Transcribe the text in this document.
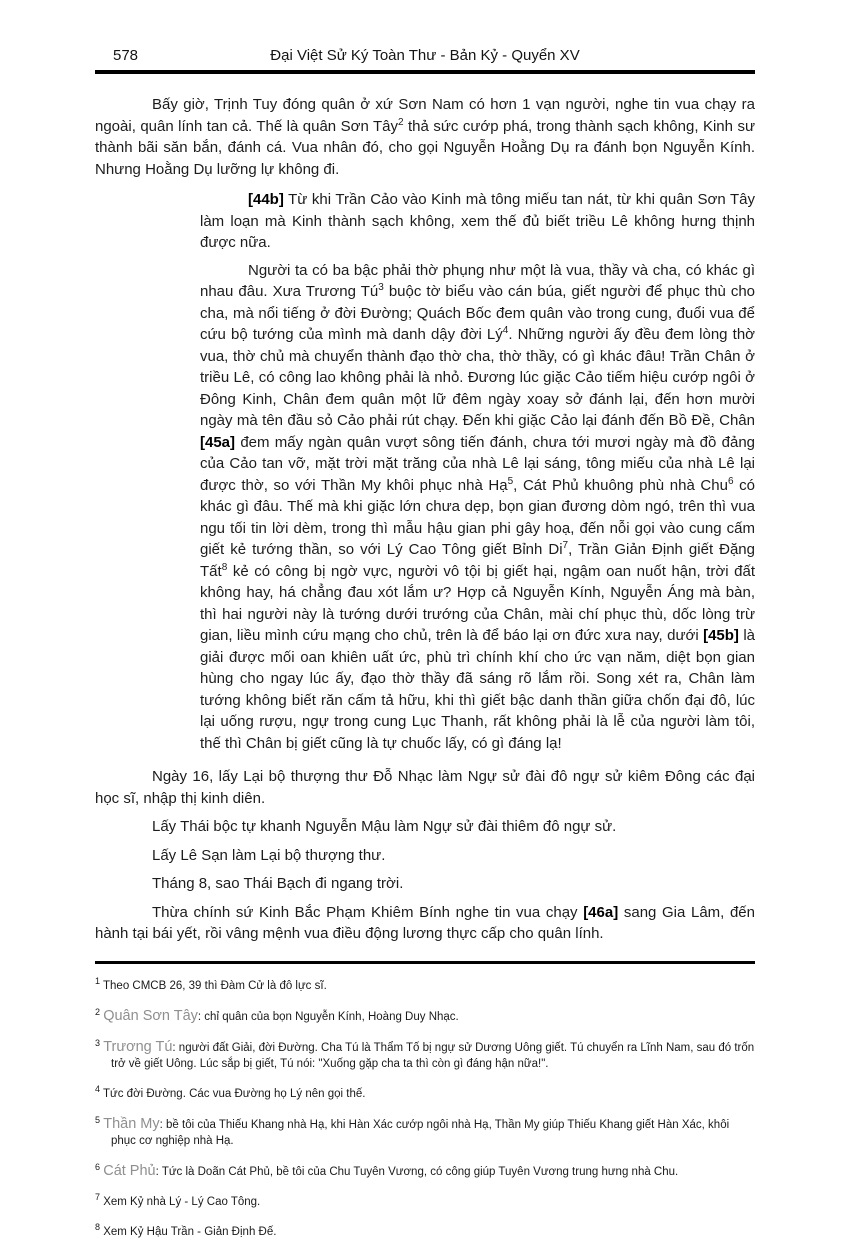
578	Đại Việt Sử Ký Toàn Thư - Bản Kỷ - Quyển XV

Bấy giờ, Trịnh Tuy đóng quân ở xứ Sơn Nam có hơn 1 vạn người, nghe tin vua chạy ra ngoài, quân lính tan cả. Thế là quân Sơn Tây$^2$ thả sức cướp phá, trong thành sạch không, Kinh sư thành bãi săn bắn, đánh cá. Vua nhân đó, cho gọi Nguyễn Hoằng Dụ ra đánh bọn Nguyễn Kính. Nhưng Hoằng Dụ lưỡng lự không đi.

[44b] Từ khi Trần Cảo vào Kinh mà tông miếu tan nát, từ khi quân Sơn Tây làm loạn mà Kinh thành sạch không, xem thế đủ biết triều Lê không hưng thịnh được nữa.

Người ta có ba bậc phải thờ phụng như một là vua, thầy và cha, có khác gì nhau đâu. Xưa Trương $Tú^3$ buộc tờ biểu vào cán búa, giết người để phục thù cho cha, mà nổi tiếng ở đời Đường; Quách Bốc đem quân vào trong cung, đuổi vua để cứu bộ tướng của mình mà danh dậy đời $Lý^4$. Những người ấy đều đem lòng thờ vua, thờ chủ mà chuyển thành đạo thờ cha, thờ thầy, có gì khác đâu! Trần Chân ở triều Lê, có công lao không phải là nhỏ. Đương lúc giặc Cảo tiếm hiệu cướp ngôi ở Đông Kinh, Chân đem quân một lữ đêm ngày xoay sở đánh lại, đến hơn mười ngày mà tên đầu sỏ Cảo phải rút chạy. Đến khi giặc Cảo lại đánh đến Bồ Đề, Chân [45a] đem mấy ngàn quân vượt sông tiến đánh, chưa tới mươi ngày mà đồ đảng của Cảo tan vỡ, mặt trời mặt trăng của nhà Lê lại sáng, tông miếu của nhà Lê lại được thờ, so với Thần My khôi phục nhà Hạ$^5$, Cát Phủ khuông phù nhà Chu$^6$ có khác gì đâu. Thế mà khi giặc lớn chưa dẹp, bọn gian đương dòm ngó, trên thì vua ngu tối tin lời dèm, trong thì mẫu hậu gian phi gây hoạ, đến nỗi gọi vào cung cấm giết kẻ tướng thần, so với Lý Cao Tông giết Bỉnh Di$^7$, Trần Giản Định giết Đặng Tất$^8$ kẻ có công bị ngờ vực, người vô tội bị giết hại, ngậm oan nuốt hận, trời đất không hay, há chẳng đau xót lắm ư? Hợp cả Nguyễn Kính, Nguyễn Áng mà bàn, thì hai người này là tướng dưới trướng của Chân, mài chí phục thù, dốc lòng trừ gian, liều mình cứu mạng cho chủ, trên là để báo lại ơn đức xưa nay, dưới [45b] là giải được mối oan khiên uất ức, phù trì chính khí cho ức vạn năm, diệt bọn gian hùng cho ngay lúc ấy, đạo thờ thầy đã sáng rõ lắm rồi. Song xét ra, Chân làm tướng không biết răn cấm tả hữu, khi thì giết bậc danh thần giữa chốn đại đô, lúc lại uống rượu, ngự trong cung Lục Thanh, rất không phải là lễ của người làm tôi, thế thì Chân bị giết cũng là tự chuốc lấy, có gì đáng lạ!

Ngày 16, lấy Lại bộ thượng thư Đỗ Nhạc làm Ngự sử đài đô ngự sử kiêm Đông các đại học sĩ, nhập thị kinh diên.

Lấy Thái bộc tự khanh Nguyễn Mậu làm Ngự sử đài thiêm đô ngự sử.

Lấy Lê Sạn làm Lại bộ thượng thư.

Tháng 8, sao Thái Bạch đi ngang trời.

Thừa chính sứ Kinh Bắc Phạm Khiêm Bính nghe tin vua chạy [46a] sang Gia Lâm, đến hành tại bái yết, rồi vâng mệnh vua điều động lương thực cấp cho quân lính.

$^1$ Theo CMCB 26, 39 thì Đàm Cử là đô lực sĩ.
$^2$ Quân Sơn Tây: chỉ quân của bọn Nguyễn Kính, Hoàng Duy Nhạc.
$^3$ Trương Tú: người đất Giải, đời Đường. Cha Tú là Thẩm Tố bị ngự sử Dương Uông giết. Tú chuyển ra Lĩnh Nam, sau đó trốn trở về giết Uông. Lúc sắp bị giết, Tú nói: "Xuống gặp cha ta thì còn gì đáng hận nữa!".
$^4$ Tức đời Đường. Các vua Đường họ Lý nên gọi thế.
$^5$ Thần My: bề tôi của Thiếu Khang nhà Hạ, khi Hàn Xác cướp ngôi nhà Hạ, Thần My giúp Thiếu Khang giết Hàn Xác, khôi phục cơ nghiệp nhà Hạ.
$^6$ Cát Phủ: Tức là Doãn Cát Phủ, bề tôi của Chu Tuyên Vương, có công giúp Tuyên Vương trung hưng nhà Chu.
$^7$ Xem Kỷ nhà Lý - Lý Cao Tông.
$^8$ Xem Kỷ Hậu Trần - Giản Định Đế.
